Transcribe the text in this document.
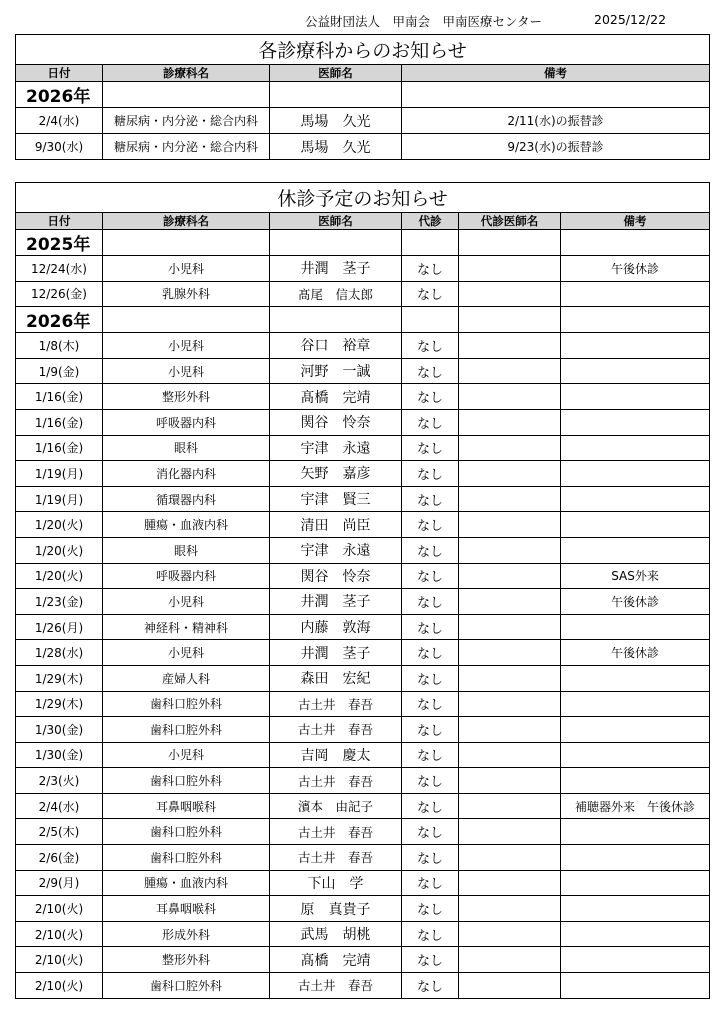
公益財団法人　甲南会　甲南医療センター	2025/12/22
各診療科からのお知らせ			
日付	診療科名	医師名	備考
2026年			
2/4(水)	糖尿病・内分泌・総合内科	馬場　久光	2/11(水)の振替診
9/30(水)	糖尿病・内分泌・総合内科	馬場　久光	9/23(水)の振替診
休診予定のお知らせ					
日付	診療科名	医師名	代診	代診医師名	備考
2025年					
12/24(水)	小児科	井潤　茎子	なし		午後休診
12/26(金)	乳腺外科	髙尾　信太郎	なし		
2026年					
1/8(木)	小児科	谷口　裕章	なし		
1/9(金)	小児科	河野　一誠	なし		
1/16(金)	整形外科	髙橋　完靖	なし		
1/16(金)	呼吸器内科	関谷　怜奈	なし		
1/16(金)	眼科	宇津　永遠	なし		
1/19(月)	消化器内科	矢野　嘉彦	なし		
1/19(月)	循環器内科	宇津　賢三	なし		
1/20(火)	腫瘍・血液内科	清田　尚臣	なし		
1/20(火)	眼科	宇津　永遠	なし		
1/20(火)	呼吸器内科	関谷　怜奈	なし		SAS外来
1/23(金)	小児科	井潤　茎子	なし		午後休診
1/26(月)	神経科・精神科	内藤　敦海	なし		
1/28(水)	小児科	井潤　茎子	なし		午後休診
1/29(木)	産婦人科	森田　宏紀	なし		
1/29(木)	歯科口腔外科	古土井　春吾	なし		
1/30(金)	歯科口腔外科	古土井　春吾	なし		
1/30(金)	小児科	吉岡　慶太	なし		
2/3(火)	歯科口腔外科	古土井　春吾	なし		
2/4(水)	耳鼻咽喉科	濱本　由記子	なし		補聴器外来　午後休診
2/5(木)	歯科口腔外科	古土井　春吾	なし		
2/6(金)	歯科口腔外科	古土井　春吾	なし		
2/9(月)	腫瘍・血液内科	下山　学	なし		
2/10(火)	耳鼻咽喉科	原　真貴子	なし		
2/10(火)	形成外科	武馬　胡桃	なし		
2/10(火)	整形外科	髙橋　完靖	なし		
2/10(火)	歯科口腔外科	古土井　春吾	なし		
